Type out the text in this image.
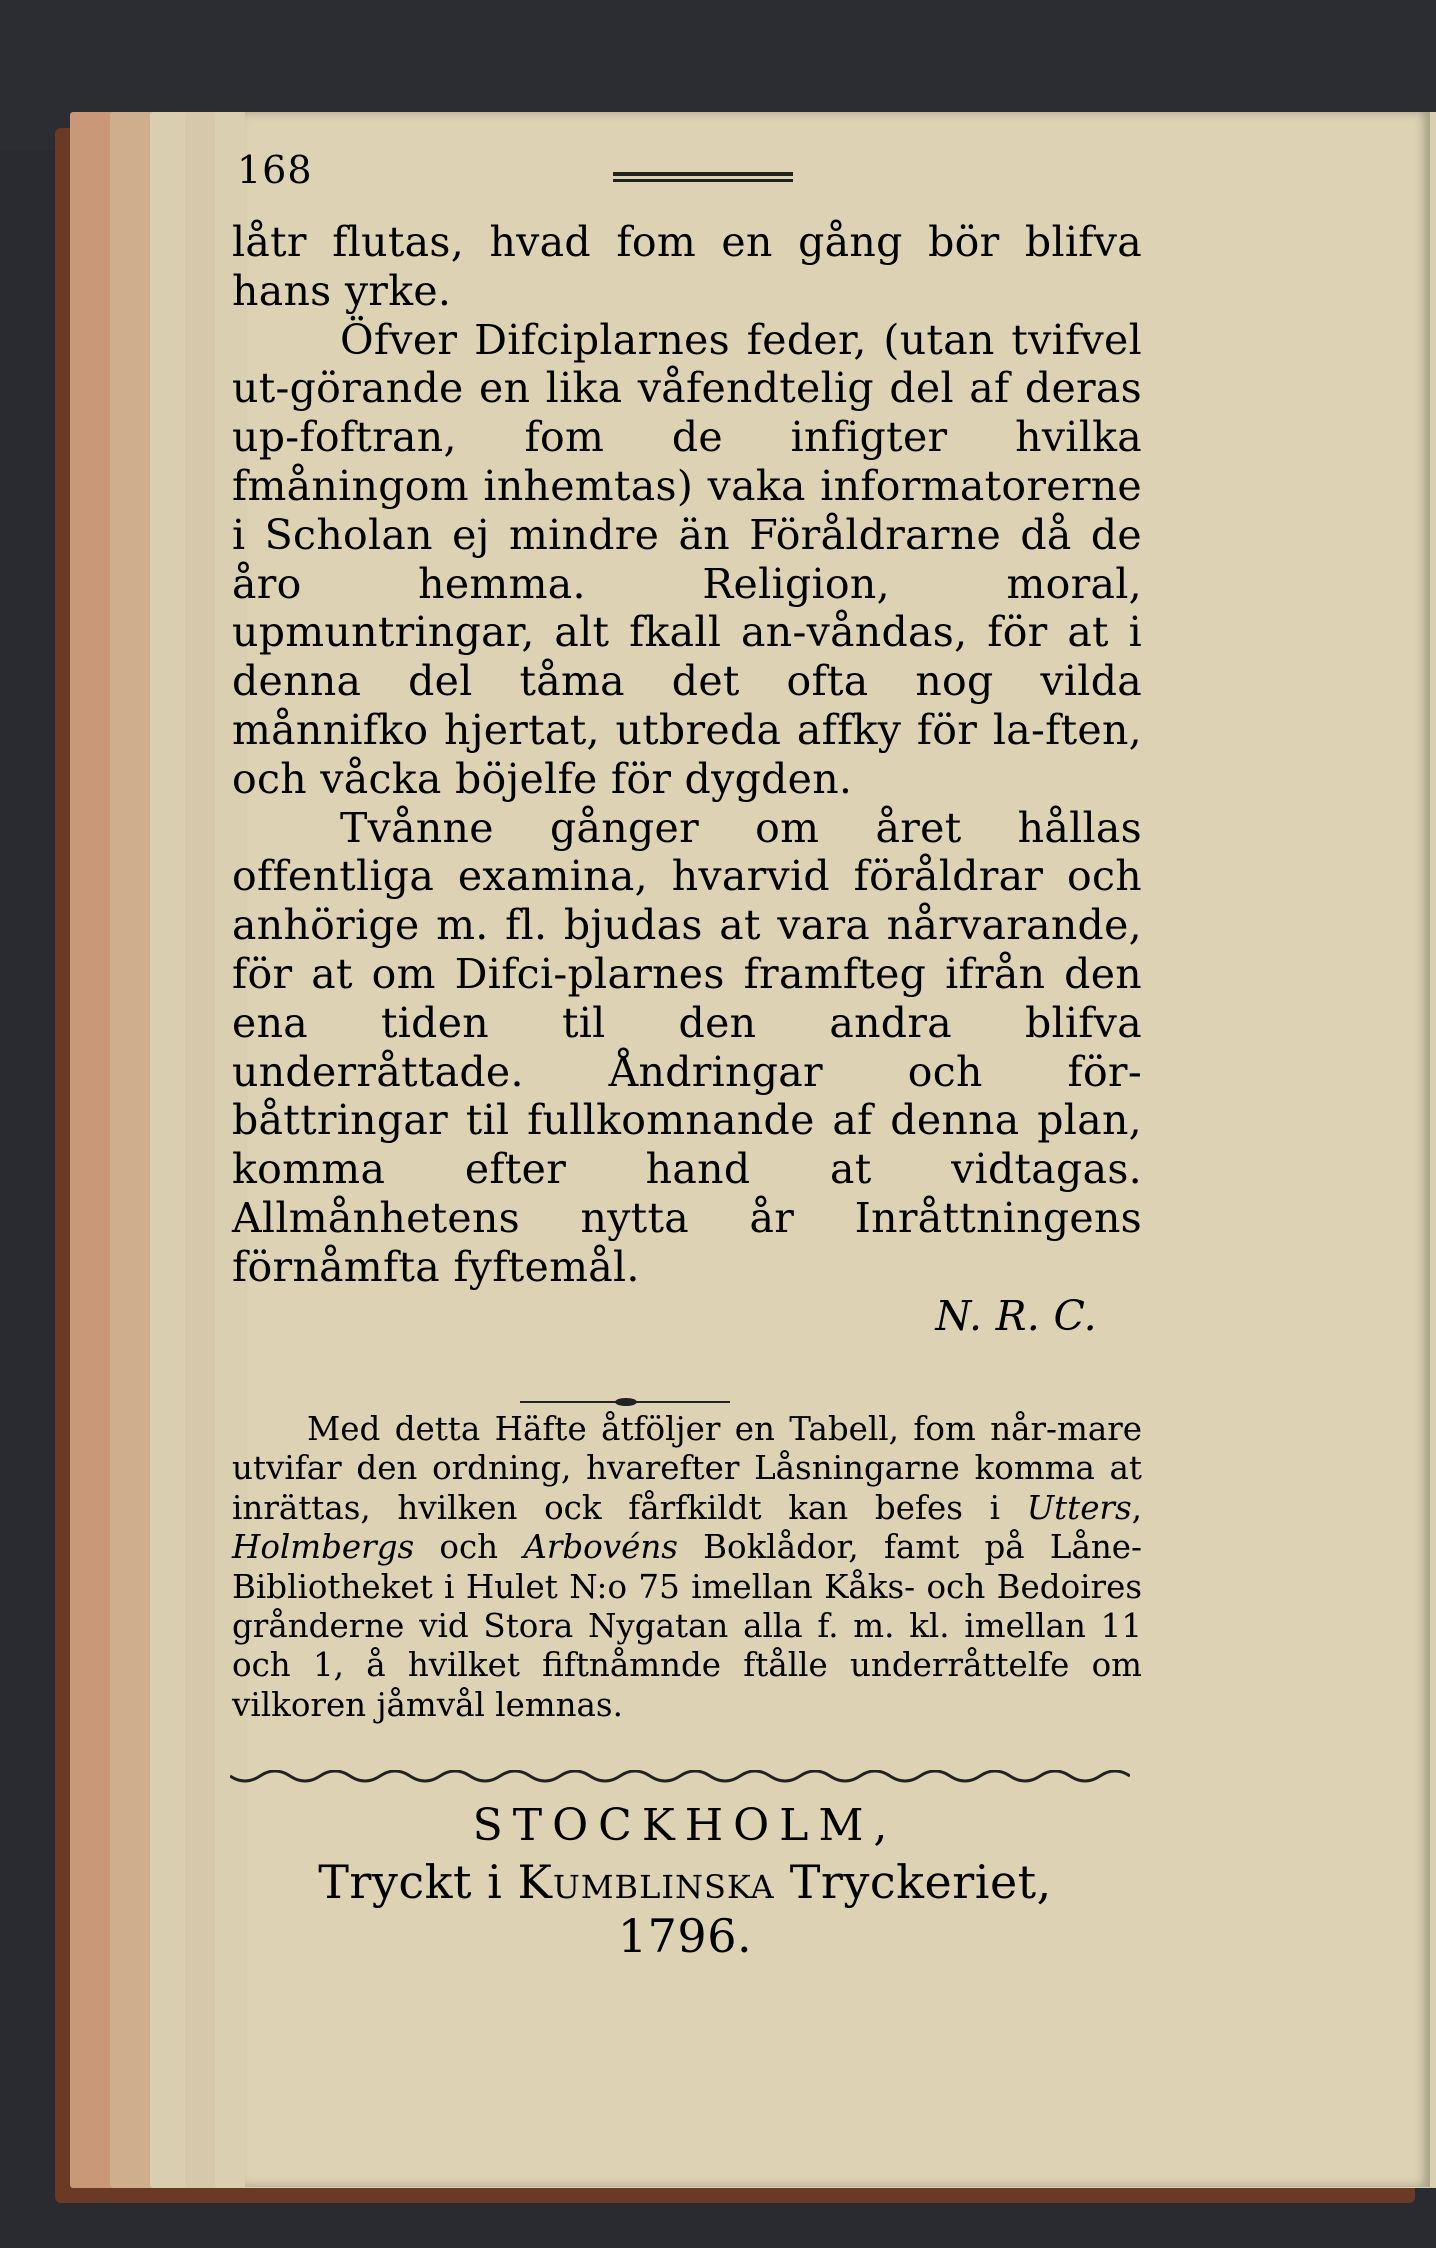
168

låtr flutas, hvad fom en gång bör blifva hans yrke.

Öfver Difciplarnes feder, (utan tvifvel ut-görande en lika våfendtelig del af deras up-foftran, fom de infigter hvilka fmåningom inhemtas) vaka informatorerne i Scholan ej mindre än Föråldrarne då de åro hemma. Religion, moral, upmuntringar, alt fkall an-våndas, för at i denna del tåma det ofta nog vilda månnifko hjertat, utbreda affky för la-ften, och våcka böjelfe för dygden.

Tvånne gånger om året hållas offentliga examina, hvarvid föråldrar och anhörige m. fl. bjudas at vara nårvarande, för at om Difci-plarnes framfteg ifrån den ena tiden til den andra blifva underråttade. Åndringar och för-båttringar til fullkomnande af denna plan, komma efter hand at vidtagas. Allmånhetens nytta år Inråttningens förnåmfta fyftemål.

N. R. C.

Med detta Häfte åtföljer en Tabell, fom når-mare utvifar den ordning, hvarefter Låsningarne komma at inrättas, hvilken ock fårfkildt kan befes i Utters, Holmbergs och Arbovéns Boklådor, famt på Låne-Bibliotheket i Hulet N:o 75 imellan Kåks- och Bedoires grånderne vid Stora Nygatan alla f. m. kl. imellan 11 och 1, å hvilket fiftnåmnde ftålle underråttelfe om vilkoren jåmvål lemnas.

STOCKHOLM,
Tryckt i Kumblinska Tryckeriet, 1796.
